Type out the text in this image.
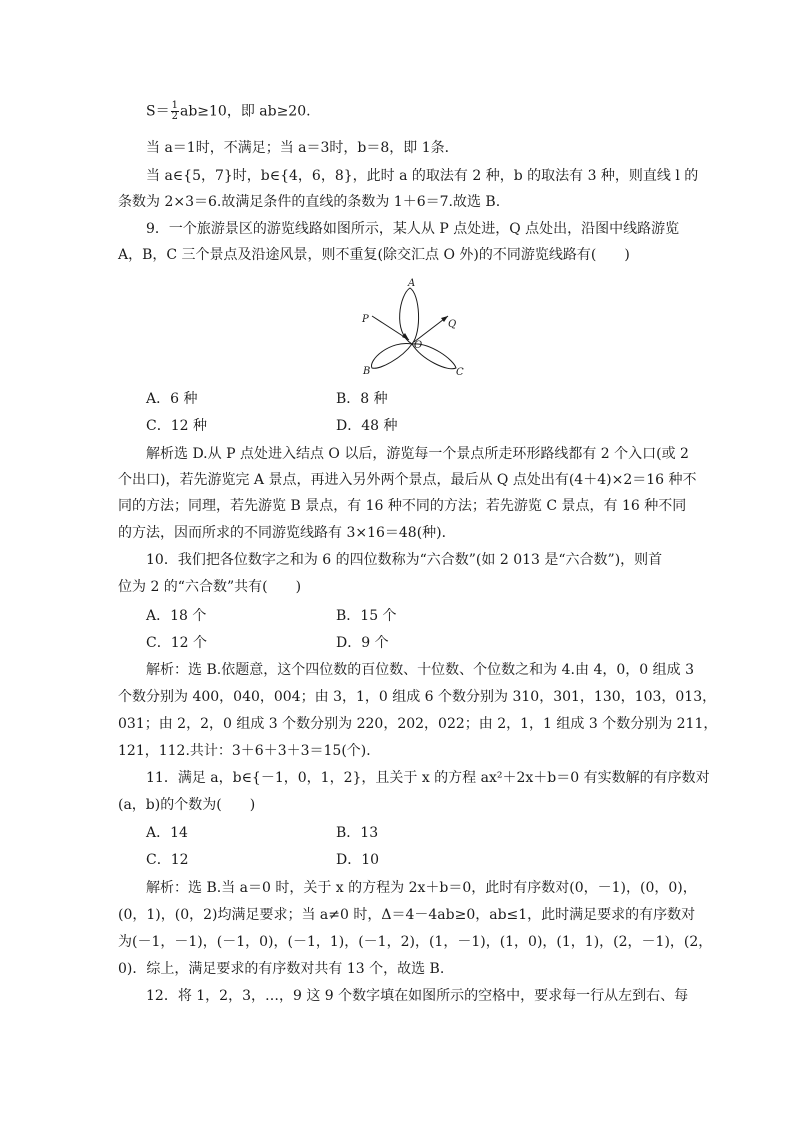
$S= \frac{1}{2} ab\ge 10$，即 ab≥20.
当 a＝1时，不满足；当 a＝3时，b＝8，即 1条．
当 a∈{5，7}时，b∈{4，6，8}，此时 a 的取法有 2 种，b 的取法有 3 种，则直线 l 的
条数为 2×3＝6.故满足条件的直线的条数为 1＋6＝7.故选 B.
9．一个旅游景区的游览线路如图所示，某人从 P 点处进，Q 点处出，沿图中线路游览
A，B，C 三个景点及沿途风景，则不重复(除交汇点 O 外)的不同游览线路有(　　)
A
B	C
P	Q
O
A．6 种	B．8 种
C．12 种	D．48 种
解析选 D.从 P 点处进入结点 O 以后，游览每一个景点所走环形路线都有 2 个入口(或 2
个出口)，若先游览完 A 景点，再进入另外两个景点，最后从 Q 点处出有(4＋4)×2＝16 种不
同的方法；同理，若先游览 B 景点，有 16 种不同的方法；若先游览 C 景点，有 16 种不同
的方法，因而所求的不同游览线路有 3×16＝48(种)．
10．我们把各位数字之和为 6 的四位数称为“六合数”(如 2 013 是“六合数”)，则首
位为 2 的“六合数”共有(　　)
A．18 个	B．15 个
C．12 个	D．9 个
解析：选 B.依题意，这个四位数的百位数、十位数、个位数之和为 4.由 4，0，0 组成 3
个数分别为 400，040，004；由 3，1，0 组成 6 个数分别为 310，301，130，103，013，
031；由 2，2，0 组成 3 个数分别为 220，202，022；由 2，1，1 组成 3 个数分别为 211，
121，112.共计：3＋6＋3＋3＝15(个)．
11．满足 a，b∈{－1，0，1，2}，且关于 x 的方程 ax²＋2x＋b＝0 有实数解的有序数对
(a，b)的个数为(　　)
A．14	B．13
C．12	D．10
解析：选 B.当 a＝0 时，关于 x 的方程为 2x＋b＝0，此时有序数对(0，－1)，(0，0)，
(0，1)，(0，2)均满足要求；当 a≠0 时，Δ＝4－4ab≥0，ab≤1，此时满足要求的有序数对
为(－1，－1)，(－1，0)，(－1，1)，(－1，2)，(1，－1)，(1，0)，(1，1)，(2，－1)，(2，
0)．综上，满足要求的有序数对共有 13 个，故选 B.
12．将 1，2，3，…，9 这 9 个数字填在如图所示的空格中，要求每一行从左到右、每
